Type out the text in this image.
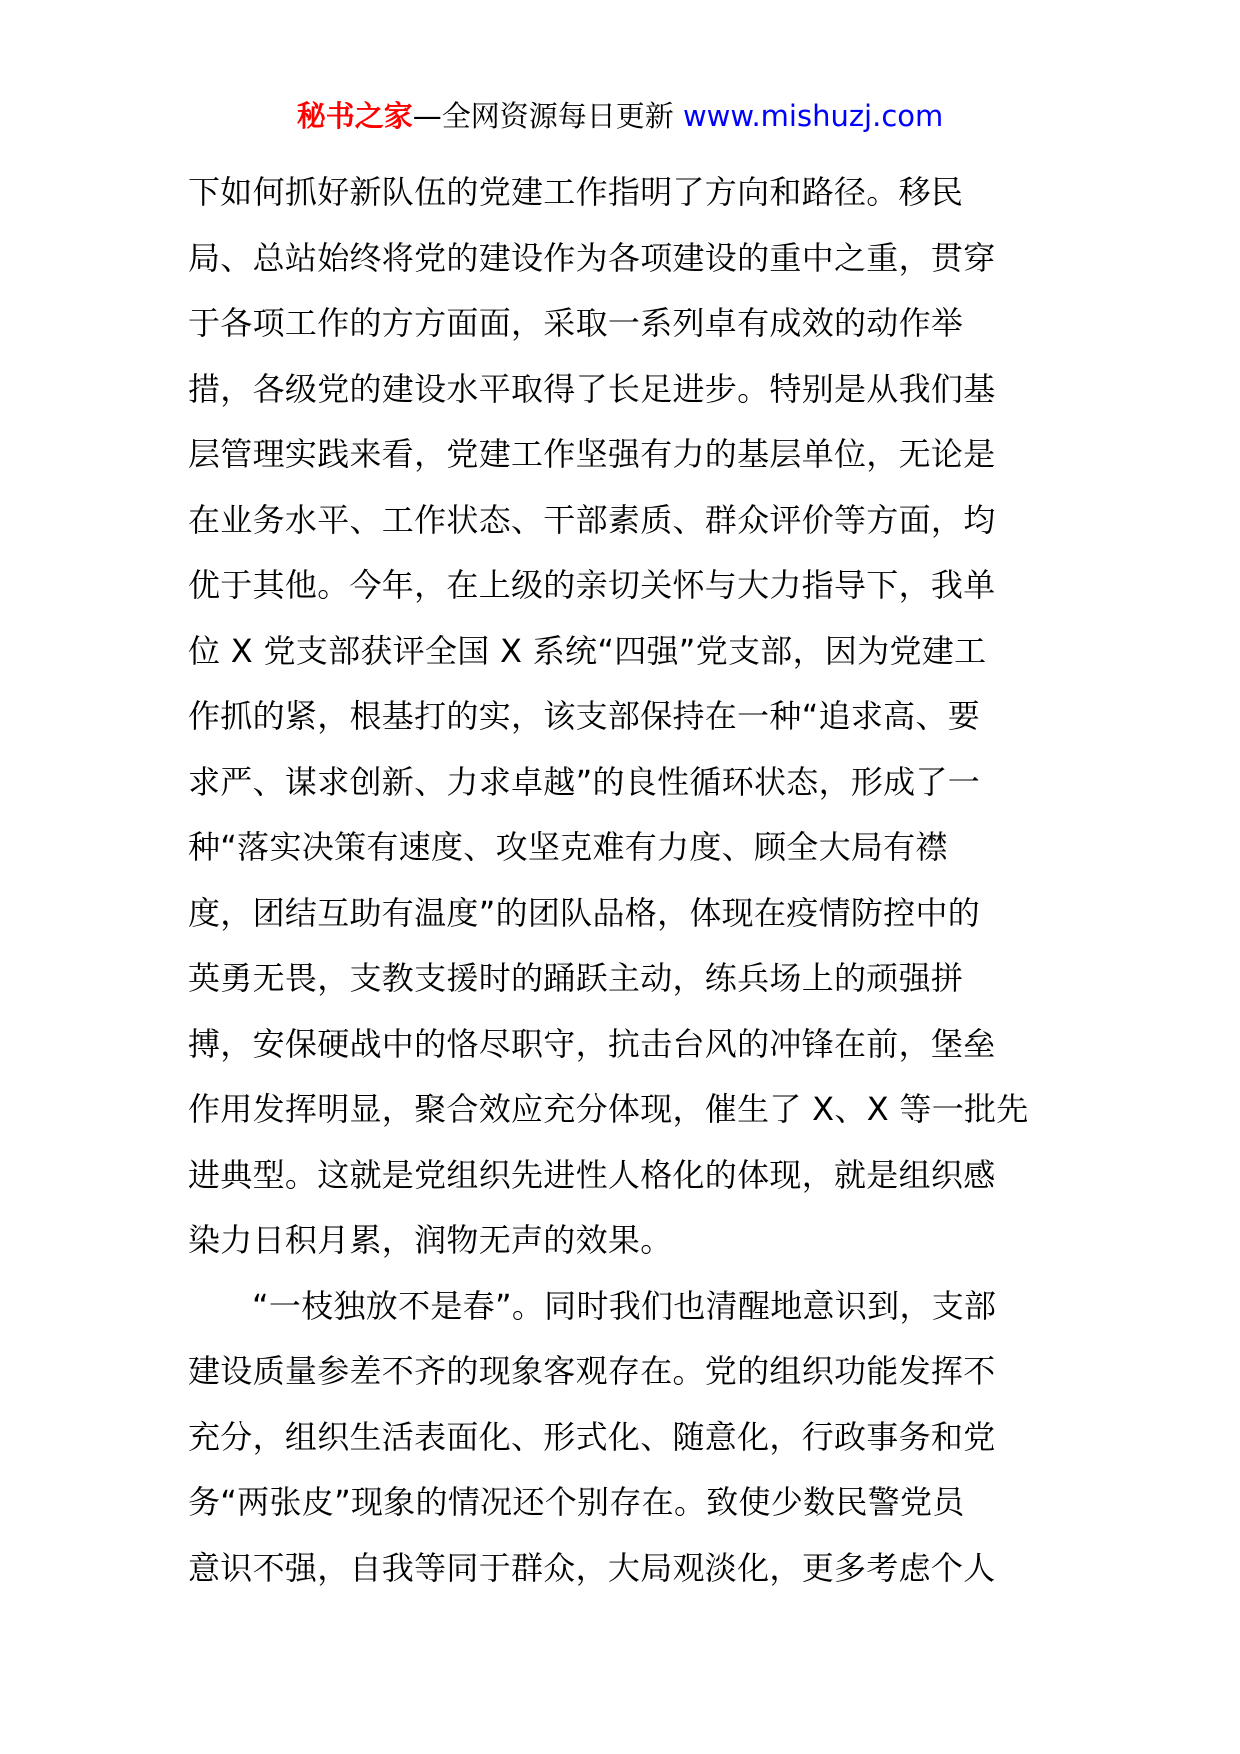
秘书之家—全网资源每日更新 www.mishuzj.com
下如何抓好新队伍的党建工作指明了方向和路径。移民
局、总站始终将党的建设作为各项建设的重中之重，贯穿
于各项工作的方方面面，采取一系列卓有成效的动作举
措，各级党的建设水平取得了长足进步。特别是从我们基
层管理实践来看，党建工作坚强有力的基层单位，无论是
在业务水平、工作状态、干部素质、群众评价等方面，均
优于其他。今年，在上级的亲切关怀与大力指导下，我单
位 X 党支部获评全国 X 系统“四强”党支部，因为党建工
作抓的紧，根基打的实，该支部保持在一种“追求高、要
求严、谋求创新、力求卓越”的良性循环状态，形成了一
种“落实决策有速度、攻坚克难有力度、顾全大局有襟
度，团结互助有温度”的团队品格，体现在疫情防控中的
英勇无畏，支教支援时的踊跃主动，练兵场上的顽强拼
搏，安保硬战中的恪尽职守，抗击台风的冲锋在前，堡垒
作用发挥明显，聚合效应充分体现，催生了 X、X 等一批先
进典型。这就是党组织先进性人格化的体现，就是组织感
染力日积月累，润物无声的效果。
“一枝独放不是春”。同时我们也清醒地意识到，支部
建设质量参差不齐的现象客观存在。党的组织功能发挥不
充分，组织生活表面化、形式化、随意化，行政事务和党
务“两张皮”现象的情况还个别存在。致使少数民警党员
意识不强，自我等同于群众，大局观淡化，更多考虑个人
